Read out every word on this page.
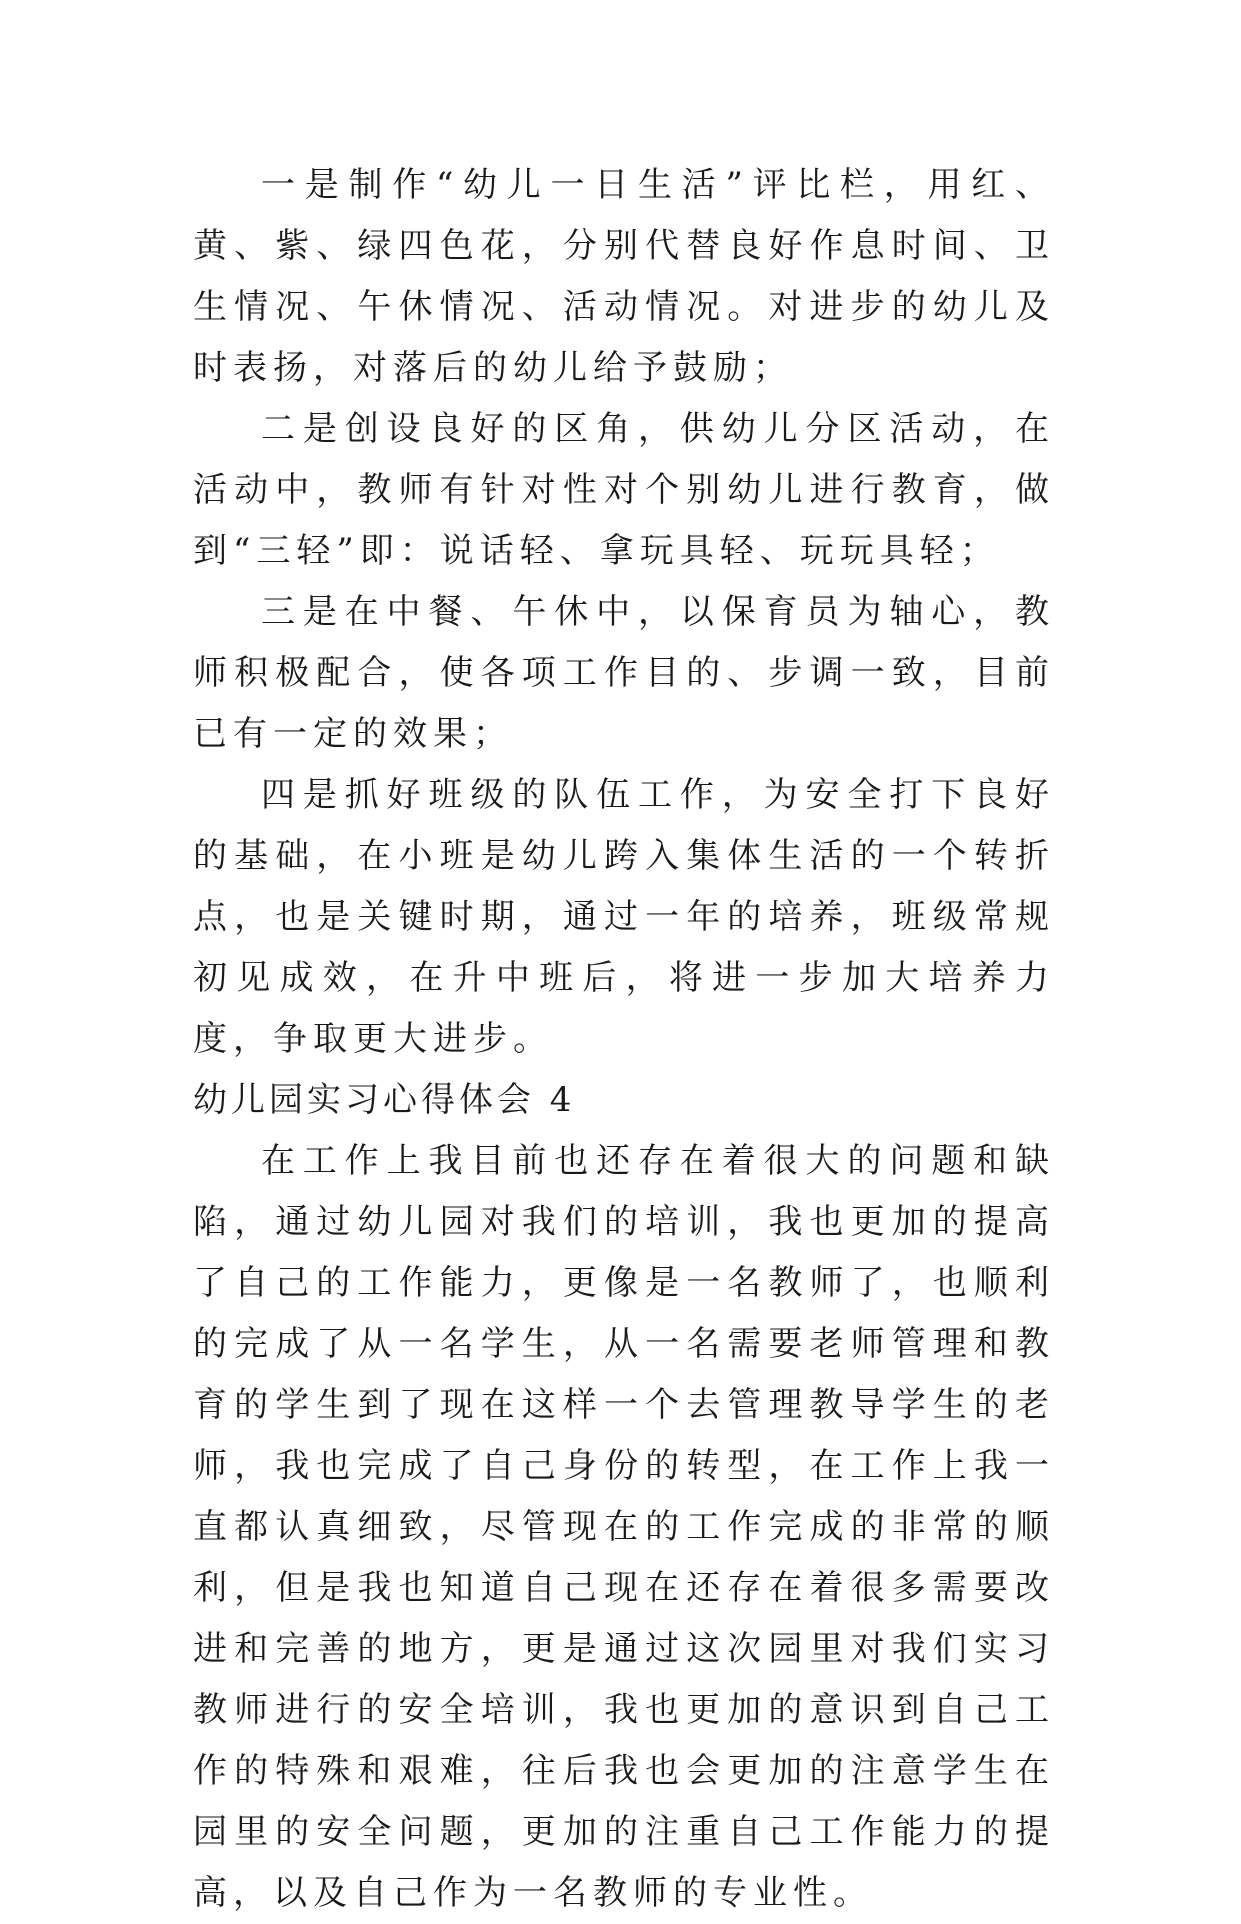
一是制作“幼儿一日生活”评比栏，用红、黄、紫、绿四色花，分别代替良好作息时间、卫生情况、午休情况、活动情况。对进步的幼儿及时表扬，对落后的幼儿给予鼓励；

二是创设良好的区角，供幼儿分区活动，在活动中，教师有针对性对个别幼儿进行教育，做到“三轻”即：说话轻、拿玩具轻、玩玩具轻；

三是在中餐、午休中，以保育员为轴心，教师积极配合，使各项工作目的、步调一致，目前已有一定的效果；

四是抓好班级的队伍工作，为安全打下良好的基础，在小班是幼儿跨入集体生活的一个转折点，也是关键时期，通过一年的培养，班级常规初见成效，在升中班后，将进一步加大培养力度，争取更大进步。

幼儿园实习心得体会 4

在工作上我目前也还存在着很大的问题和缺陷，通过幼儿园对我们的培训，我也更加的提高了自己的工作能力，更像是一名教师了，也顺利的完成了从一名学生，从一名需要老师管理和教育的学生到了现在这样一个去管理教导学生的老师，我也完成了自己身份的转型，在工作上我一直都认真细致，尽管现在的工作完成的非常的顺利，但是我也知道自己现在还存在着很多需要改进和完善的地方，更是通过这次园里对我们实习教师进行的安全培训，我也更加的意识到自己工作的特殊和艰难，往后我也会更加的注意学生在园里的安全问题，更加的注重自己工作能力的提高，以及自己作为一名教师的专业性。
